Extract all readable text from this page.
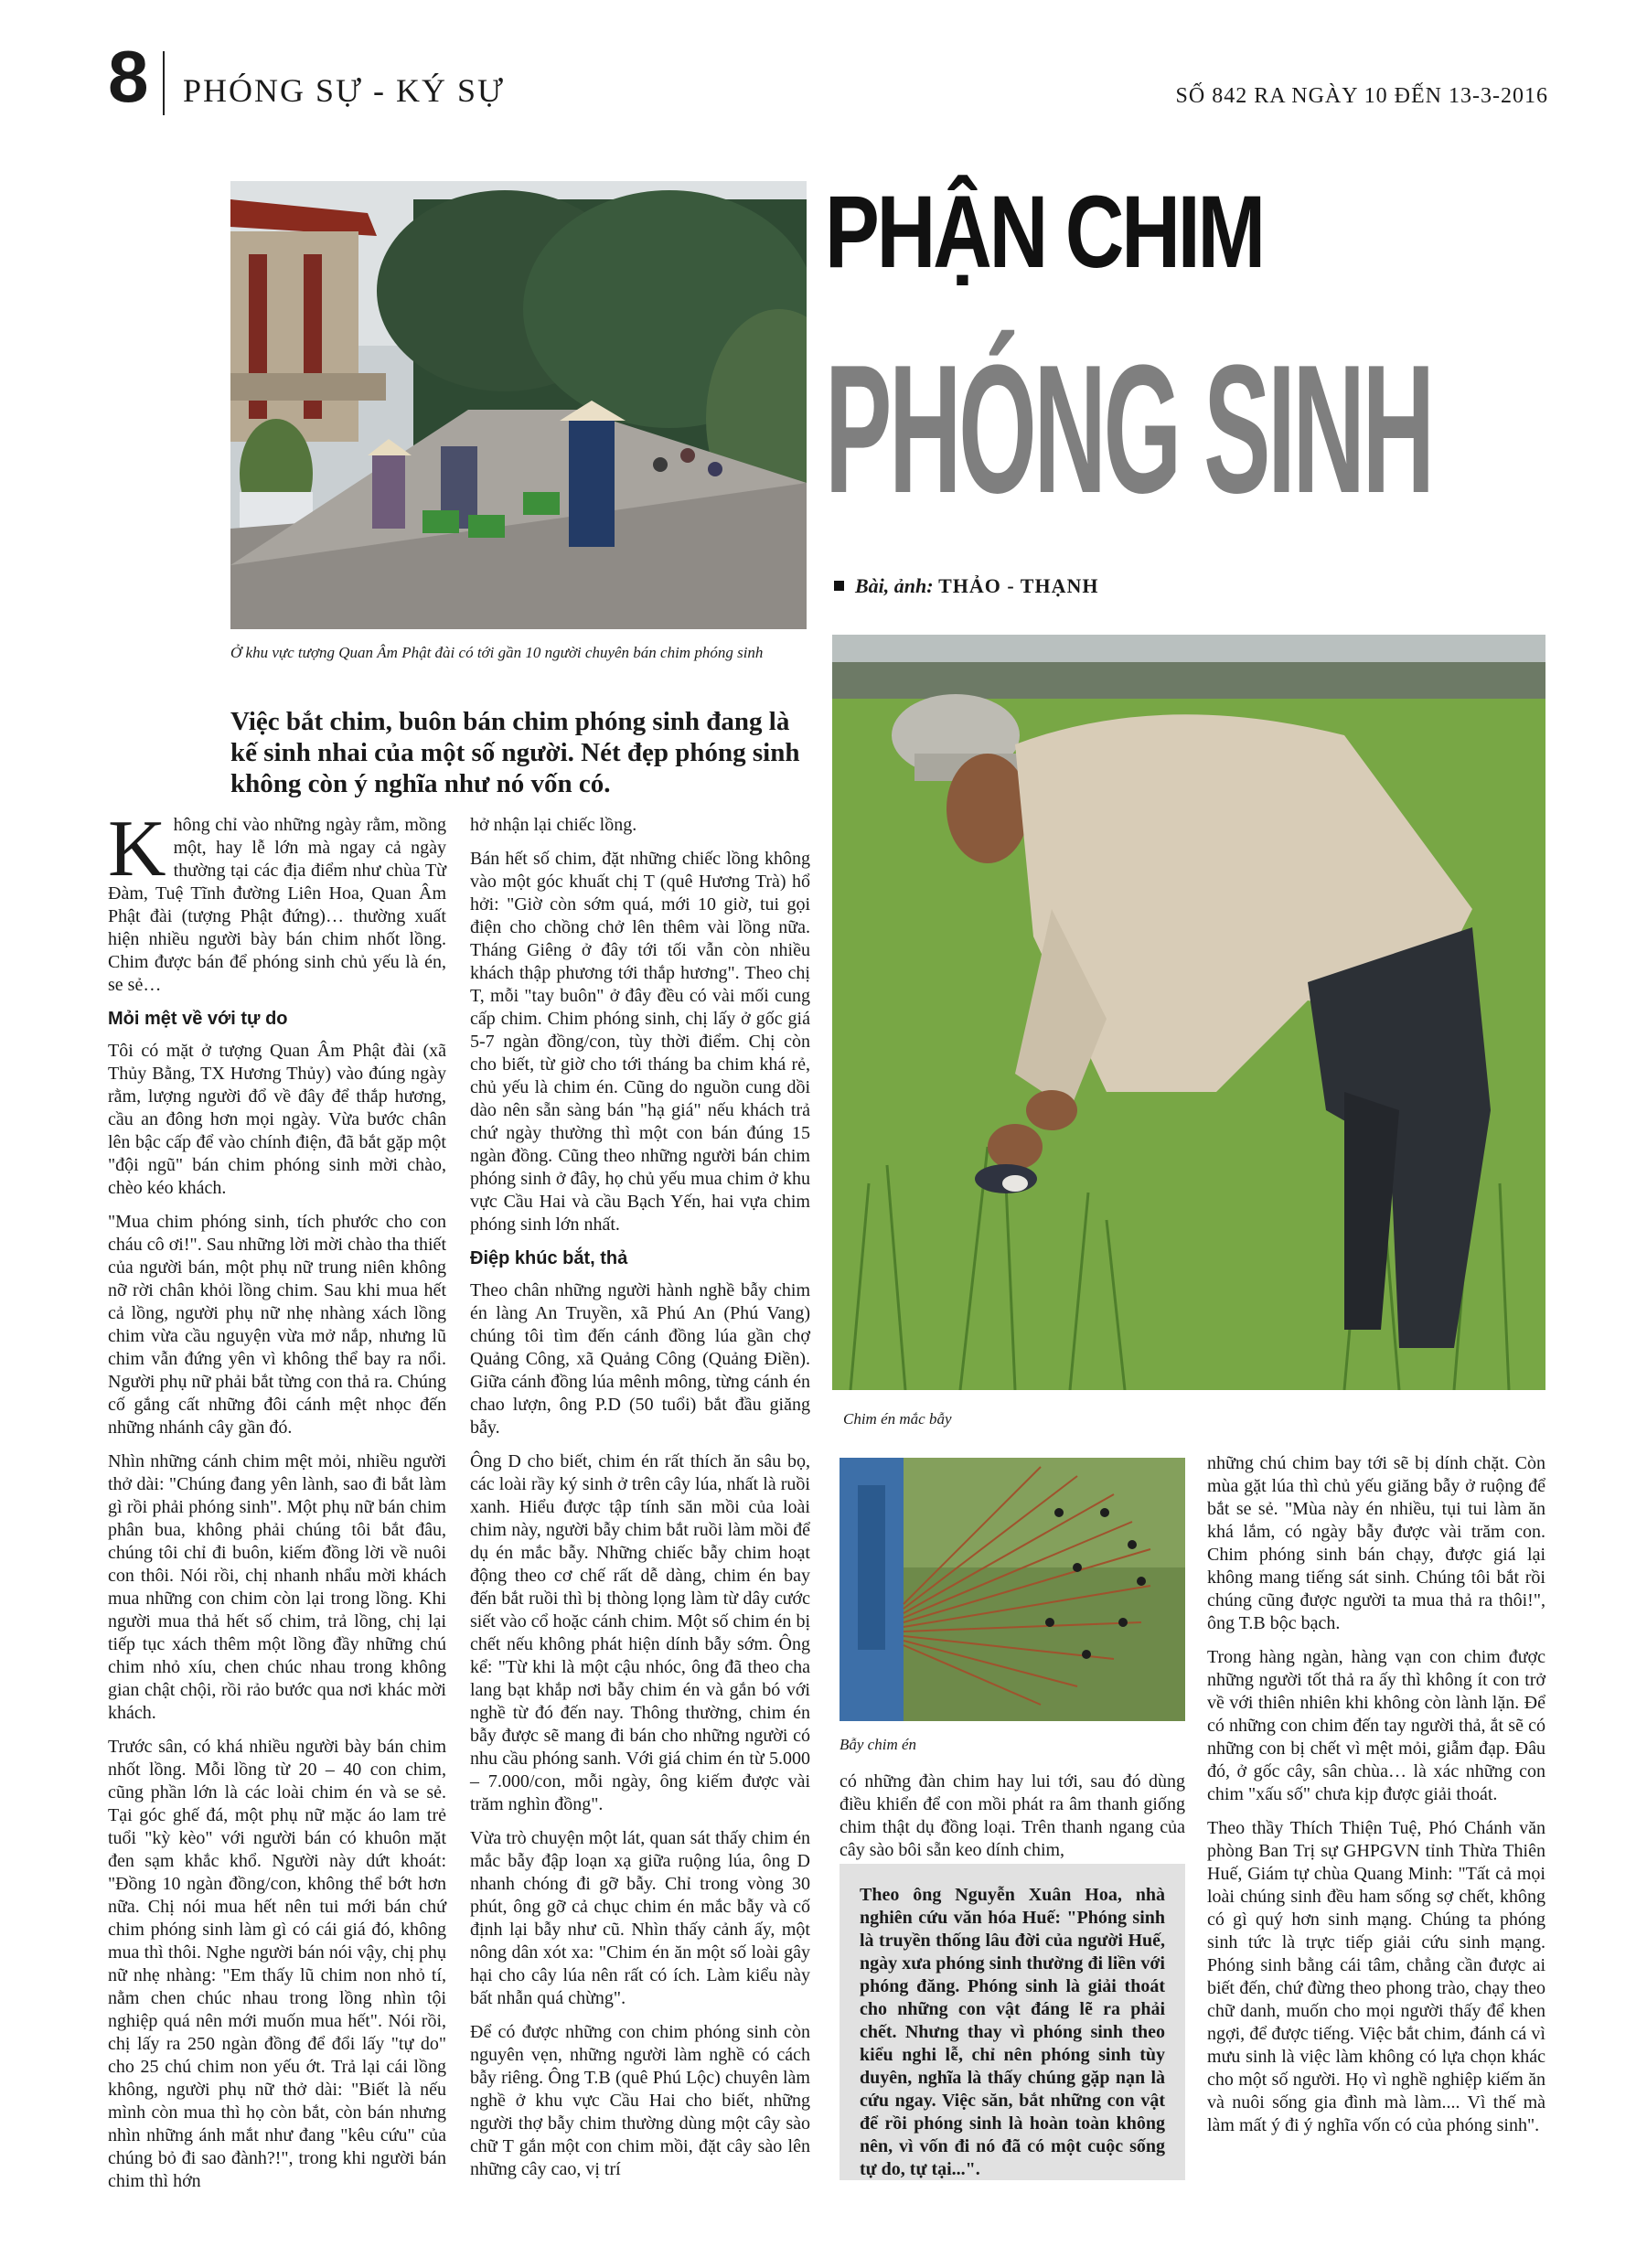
8 PHÓNG SỰ - KÝ SỰ	SỐ 842 RA NGÀY 10 ĐẾN 13-3-2016
Ở khu vực tượng Quan Âm Phật đài có tới gần 10 người chuyên bán chim phóng sinh
PHẬN CHIM
PHÓNG SINH
Bài, ảnh: THẢO - THẠNH
Chim én mắc bẫy
Bẫy chim én
Việc bắt chim, buôn bán chim phóng sinh đang là kế sinh nhai của một số người. Nét đẹp phóng sinh không còn ý nghĩa như nó vốn có.

Không chỉ vào những ngày rằm, mồng một, hay lễ lớn mà ngay cả ngày thường tại các địa điểm như chùa Từ Đàm, Tuệ Tĩnh đường Liên Hoa, Quan Âm Phật đài (tượng Phật đứng)… thường xuất hiện nhiều người bày bán chim nhốt lồng. Chim được bán để phóng sinh chủ yếu là én, se sẻ…

Mỏi mệt về với tự do

Tôi có mặt ở tượng Quan Âm Phật đài (xã Thủy Bằng, TX Hương Thủy) vào đúng ngày rằm, lượng người đổ về đây để thắp hương, cầu an đông hơn mọi ngày. Vừa bước chân lên bậc cấp để vào chính điện, đã bắt gặp một "đội ngũ" bán chim phóng sinh mời chào, chèo kéo khách.

"Mua chim phóng sinh, tích phước cho con cháu cô ơi!". Sau những lời mời chào tha thiết của người bán, một phụ nữ trung niên không nỡ rời chân khỏi lồng chim. Sau khi mua hết cả lồng, người phụ nữ nhẹ nhàng xách lồng chim vừa cầu nguyện vừa mở nắp, nhưng lũ chim vẫn đứng yên vì không thể bay ra nổi. Người phụ nữ phải bắt từng con thả ra. Chúng cố gắng cất những đôi cánh mệt nhọc đến những nhánh cây gần đó.

Nhìn những cánh chim mệt mỏi, nhiều người thở dài: "Chúng đang yên lành, sao đi bắt làm gì rồi phải phóng sinh". Một phụ nữ bán chim phân bua, không phải chúng tôi bắt đâu, chúng tôi chỉ đi buôn, kiếm đồng lời về nuôi con thôi. Nói rồi, chị nhanh nhẩu mời khách mua những con chim còn lại trong lồng. Khi người mua thả hết số chim, trả lồng, chị lại tiếp tục xách thêm một lồng đầy những chú chim nhỏ xíu, chen chúc nhau trong không gian chật chội, rồi rảo bước qua nơi khác mời khách.

Trước sân, có khá nhiều người bày bán chim nhốt lồng. Mỗi lồng từ 20 – 40 con chim, cũng phần lớn là các loài chim én và se sẻ. Tại góc ghế đá, một phụ nữ mặc áo lam trẻ tuổi "kỳ kèo" với người bán có khuôn mặt đen sạm khắc khổ. Người này dứt khoát: "Đồng 10 ngàn đồng/con, không thể bớt hơn nữa. Chị nói mua hết nên tui mới bán chứ chim phóng sinh làm gì có cái giá đó, không mua thì thôi. Nghe người bán nói vậy, chị phụ nữ nhẹ nhàng: "Em thấy lũ chim non nhỏ tí, nằm chen chúc nhau trong lồng nhìn tội nghiệp quá nên mới muốn mua hết". Nói rồi, chị lấy ra 250 ngàn đồng để đổi lấy "tự do" cho 25 chú chim non yếu ớt. Trả lại cái lồng không, người phụ nữ thở dài: "Biết là nếu mình còn mua thì họ còn bắt, còn bán nhưng nhìn những ánh mắt như đang "kêu cứu" của chúng bỏ đi sao đành?!", trong khi người bán chim thì hớn

hở nhận lại chiếc lồng.

Bán hết số chim, đặt những chiếc lồng không vào một góc khuất chị T (quê Hương Trà) hổ hởi: "Giờ còn sớm quá, mới 10 giờ, tui gọi điện cho chồng chở lên thêm vài lồng nữa. Tháng Giêng ở đây tới tối vẫn còn nhiều khách thập phương tới thắp hương". Theo chị T, mỗi "tay buôn" ở đây đều có vài mối cung cấp chim. Chim phóng sinh, chị lấy ở gốc giá 5-7 ngàn đồng/con, tùy thời điểm. Chị còn cho biết, từ giờ cho tới tháng ba chim khá rẻ, chủ yếu là chim én. Cũng do nguồn cung dồi dào nên sẵn sàng bán "hạ giá" nếu khách trả chứ ngày thường thì một con bán đúng 15 ngàn đồng. Cũng theo những người bán chim phóng sinh ở đây, họ chủ yếu mua chim ở khu vực Cầu Hai và cầu Bạch Yến, hai vựa chim phóng sinh lớn nhất.

Điệp khúc bắt, thả

Theo chân những người hành nghề bẫy chim én làng An Truyền, xã Phú An (Phú Vang) chúng tôi tìm đến cánh đồng lúa gần chợ Quảng Công, xã Quảng Công (Quảng Điền). Giữa cánh đồng lúa mênh mông, từng cánh én chao lượn, ông P.D (50 tuổi) bắt đầu giăng bẫy.

Ông D cho biết, chim én rất thích ăn sâu bọ, các loài rầy ký sinh ở trên cây lúa, nhất là ruồi xanh. Hiểu được tập tính săn mồi của loài chim này, người bẫy chim bắt ruồi làm mồi để dụ én mắc bẫy. Những chiếc bẫy chim hoạt động theo cơ chế rất dễ dàng, chim én bay đến bắt ruồi thì bị thòng lọng làm từ dây cước siết vào cổ hoặc cánh chim. Một số chim én bị chết nếu không phát hiện dính bẫy sớm. Ông kể: "Từ khi là một cậu nhóc, ông đã theo cha lang bạt khắp nơi bẫy chim én và gắn bó với nghề từ đó đến nay. Thông thường, chim én bẫy được sẽ mang đi bán cho những người có nhu cầu phóng sanh. Với giá chim én từ 5.000 – 7.000/con, mỗi ngày, ông kiếm được vài trăm nghìn đồng".

Vừa trò chuyện một lát, quan sát thấy chim én mắc bẫy đập loạn xạ giữa ruộng lúa, ông D nhanh chóng đi gỡ bẫy. Chỉ trong vòng 30 phút, ông gỡ cả chục chim én mắc bẫy và cố định lại bẫy như cũ. Nhìn thấy cảnh ấy, một nông dân xót xa: "Chim én ăn một số loài gây hại cho cây lúa nên rất có ích. Làm kiểu này bất nhẫn quá chừng".

Để có được những con chim phóng sinh còn nguyên vẹn, những người làm nghề có cách bẫy riêng. Ông T.B (quê Phú Lộc) chuyên làm nghề ở khu vực Cầu Hai cho biết, những người thợ bẫy chim thường dùng một cây sào chữ T gắn một con chim mồi, đặt cây sào lên những cây cao, vị trí

có những đàn chim hay lui tới, sau đó dùng điều khiển để con mồi phát ra âm thanh giống chim thật dụ đồng loại. Trên thanh ngang của cây sào bôi sẵn keo dính chim,

Theo ông Nguyễn Xuân Hoa, nhà nghiên cứu văn hóa Huế: "Phóng sinh là truyền thống lâu đời của người Huế, ngày xưa phóng sinh thường đi liền với phóng đăng. Phóng sinh là giải thoát cho những con vật đáng lẽ ra phải chết. Nhưng thay vì phóng sinh theo kiểu nghi lễ, chỉ nên phóng sinh tùy duyên, nghĩa là thấy chúng gặp nạn là cứu ngay. Việc săn, bắt những con vật để rồi phóng sinh là hoàn toàn không nên, vì vốn đi nó đã có một cuộc sống tự do, tự tại...".

những chú chim bay tới sẽ bị dính chặt. Còn mùa gặt lúa thì chủ yếu giăng bẫy ở ruộng để bắt se sẻ. "Mùa này én nhiều, tụi tui làm ăn khá lắm, có ngày bẫy được vài trăm con. Chim phóng sinh bán chạy, được giá lại không mang tiếng sát sinh. Chúng tôi bắt rồi chúng cũng được người ta mua thả ra thôi!", ông T.B bộc bạch.

Trong hàng ngàn, hàng vạn con chim được những người tốt thả ra ấy thì không ít con trở về với thiên nhiên khi không còn lành lặn. Để có những con chim đến tay người thả, ắt sẽ có những con bị chết vì mệt mỏi, giẫm đạp. Đâu đó, ở gốc cây, sân chùa… là xác những con chim "xấu số" chưa kịp được giải thoát.

Theo thầy Thích Thiện Tuệ, Phó Chánh văn phòng Ban Trị sự GHPGVN tỉnh Thừa Thiên Huế, Giám tự chùa Quang Minh: "Tất cả mọi loài chúng sinh đều ham sống sợ chết, không có gì quý hơn sinh mạng. Chúng ta phóng sinh tức là trực tiếp giải cứu sinh mạng. Phóng sinh bằng cái tâm, chẳng cần được ai biết đến, chứ đừng theo phong trào, chạy theo chữ danh, muốn cho mọi người thấy để khen ngợi, để được tiếng. Việc bắt chim, đánh cá vì mưu sinh là việc làm không có lựa chọn khác cho một số người. Họ vì nghề nghiệp kiếm ăn và nuôi sống gia đình mà làm.... Vì thế mà làm mất ý đi ý nghĩa vốn có của phóng sinh".
